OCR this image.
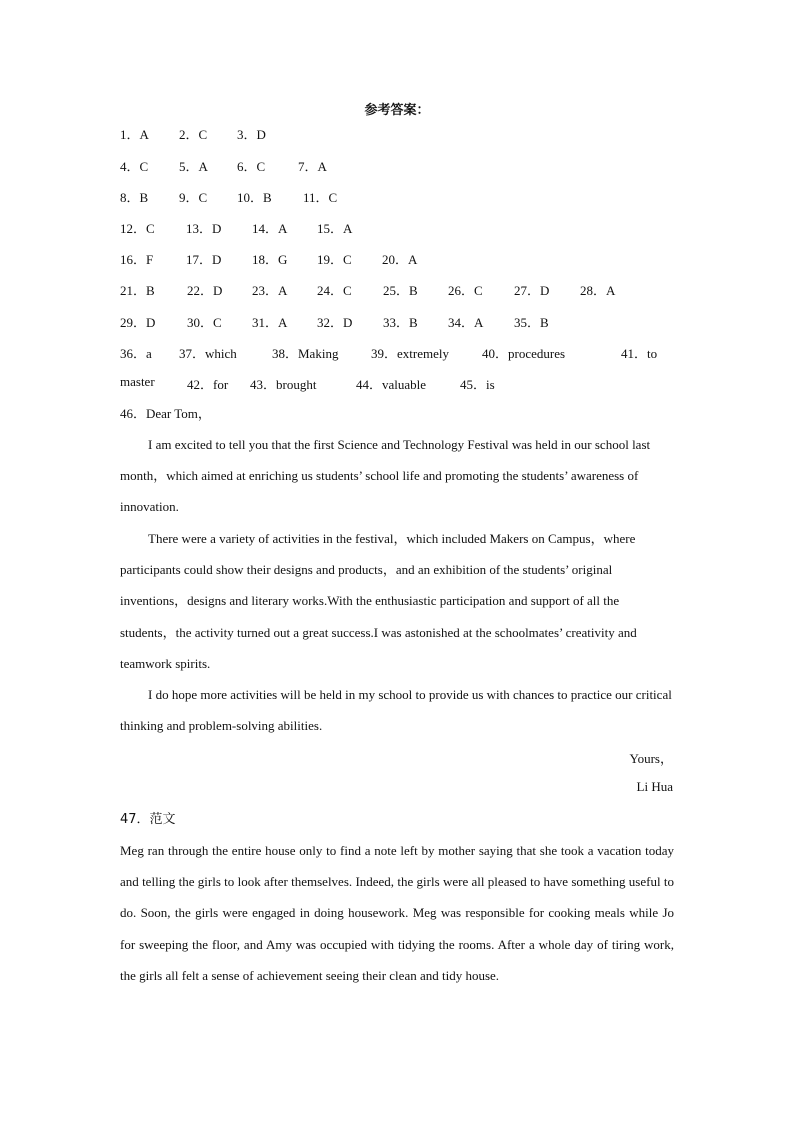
参考答案：
1．A 2．C 3．D
4．C 5．A 6．C	7．A
8．B 9．C 10．B 11．C
12．C 13．D 14．A 15．A
16．F	17．D 18．G 19．C 20．A
21．B 22．D 23．A 24．C 25．B 26．C 27．D 28．A
29．D 30．C 31．A 32．D 33．B 34．A 35．B
36．a 37．which	38．Making	39．extremely	40．procedures	41．to
master 42．for 43．brought	44．valuable	45．is
46．Dear Tom，
I am excited to tell you that the first Science and Technology Festival was held in our school last month，which aimed at enriching us students’ school life and promoting the students’ awareness of innovation.
There were a variety of activities in the festival，which included Makers on Campus，where participants could show their designs and products，and an exhibition of the students’ original inventions，designs and literary works.With the enthusiastic participation and support of all the students，the activity turned out a great success.I was astonished at the schoolmates’ creativity and teamwork spirits.
I do hope more activities will be held in my school to provide us with chances to practice our critical thinking and problem-solving abilities.
Yours，
Li Hua
47．范文
Meg ran through the entire house only to find a note left by mother saying that she took a vacation today and telling the girls to look after themselves. Indeed, the girls were all pleased to have something useful to do. Soon, the girls were engaged in doing housework. Meg was responsible for cooking meals while Jo for sweeping the floor, and Amy was occupied with tidying the rooms. After a whole day of tiring work, the girls all felt a sense of achievement seeing their clean and tidy house.
